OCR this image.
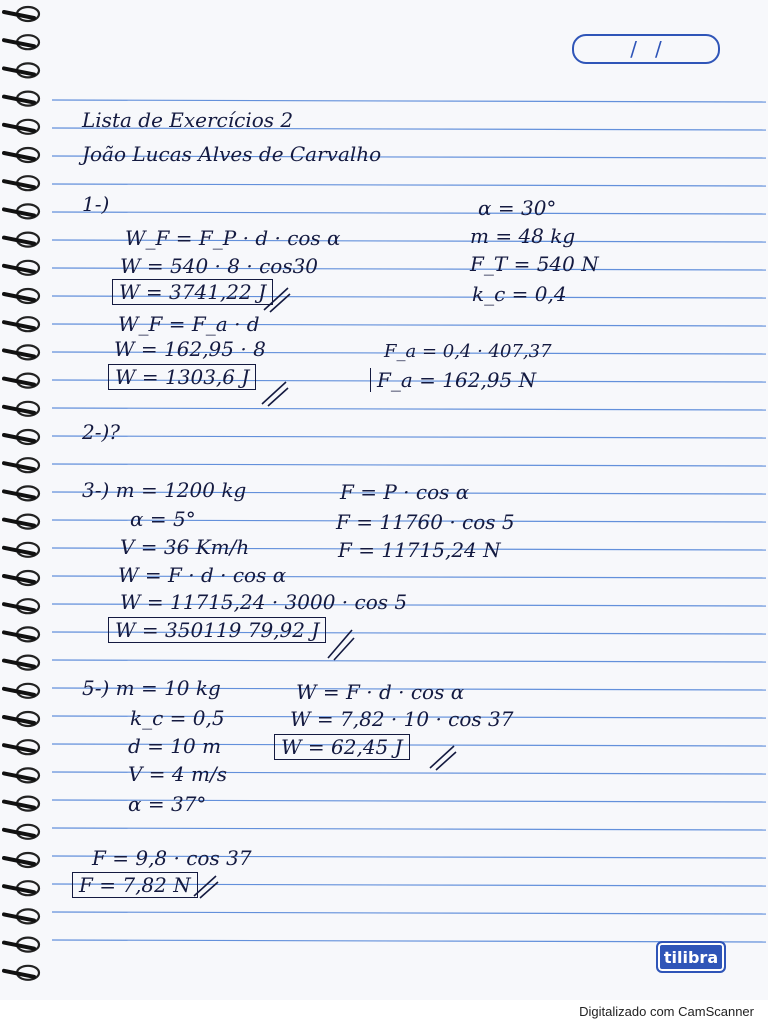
/ /
Lista de Exercícios 2
João Lucas Alves de Carvalho
1-)
W_F = F_P · d · cos α
W = 540 · 8 · cos30
W = 3741,22 J
W_F = F_a · d
W = 162,95 · 8
W = 1303,6 J
α = 30°
m = 48 kg
F_T = 540 N
k_c = 0,4
F_a = 0,4 · 407,37
F_a = 162,95 N
2-)?
3-) m = 1200 kg
α = 5°
V = 36 Km/h
W = F · d · cos α
W = 11715,24 · 3000 · cos 5
W = 350119 79,92 J
F = P · cos α
F = 11760 · cos 5
F = 11715,24 N
5-) m = 10 kg
k_c = 0,5
d = 10 m
V = 4 m/s
α = 37°
W = F · d · cos α
W = 7,82 · 10 · cos 37
W = 62,45 J
F = 9,8 · cos 37
F = 7,82 N
tilibra
Digitalizado com CamScanner
